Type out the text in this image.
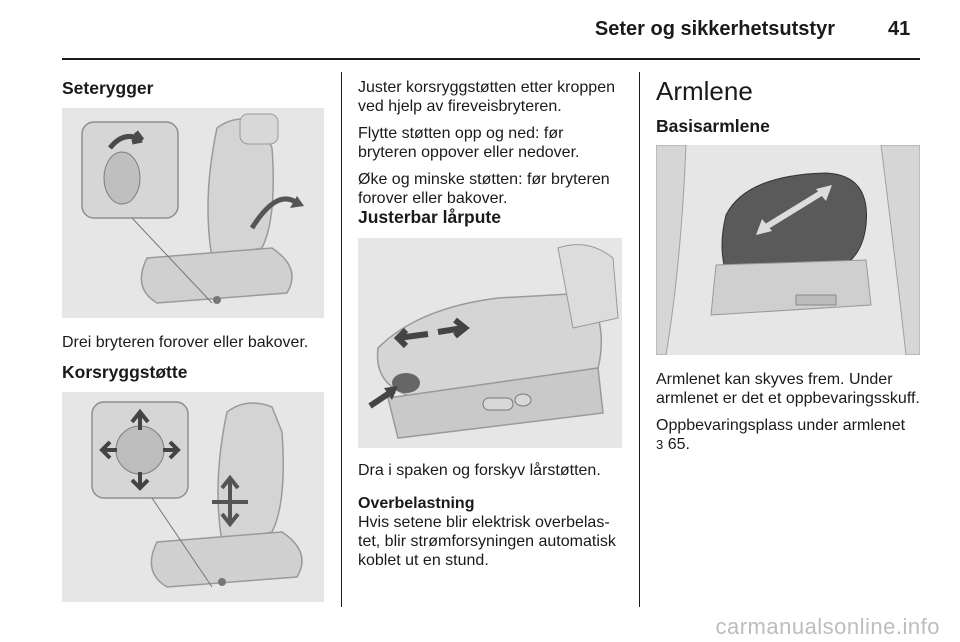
Seter og sikkerhetsutstyr	41
Seterygger
Drei bryteren forover eller bakover.
Korsryggstøtte

Juster korsryggstøtten etter kroppen ved hjelp av fireveisbryteren.

Flytte støtten opp og ned: før bryteren oppover eller nedover.

Øke og minske støtten: før bryteren forover eller bakover.

Justerbar lårpute
Dra i spaken og forskyv lårstøtten.
Overbelastning
Hvis setene blir elektrisk overbelas-tet, blir strømforsyningen automatisk koblet ut en stund.
Armlene
Basisarmlene

Armlenet kan skyves frem. Under armlenet er det et oppbevaringsskuff.

Oppbevaringsplass under armlenet
3 65.

carmanualsonline.info
